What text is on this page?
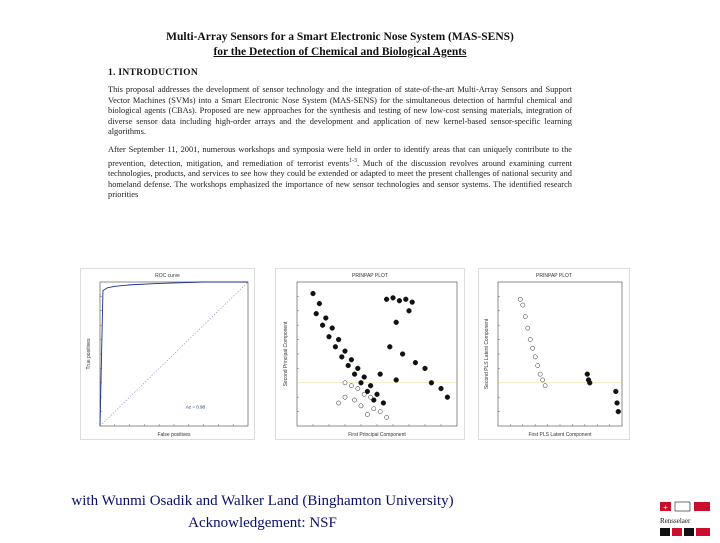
Multi-Array Sensors for a Smart Electronic Nose System (MAS-SENS)
for the Detection of Chemical and Biological Agents
1. INTRODUCTION
This proposal addresses the development of sensor technology and the integration of state-of-the-art Multi-Array Sensors and Support Vector Machines (SVMs) into a Smart Electronic Nose System (MAS-SENS) for the simultaneous detection of harmful chemical and biological agents (CBAs). Proposed are new approaches for the synthesis and testing of new low-cost sensing materials, integration of diverse sensor data including high-order arrays and the development and application of new kernel-based sensor-specific learning algorithms.
After September 11, 2001, numerous workshops and symposia were held in order to identify areas that can uniquely contribute to the prevention, detection, mitigation, and remediation of terrorist events$^{1-3}$. Much of the discussion revolves around examining current technologies, products, and services to see how they could be extended or adapted to meet the present challenges of national security and homeland defense. The workshops emphasized the importance of new sensor technologies and sensor systems. The identified research priorities
ROC curve
False positives
True positives
Az = 0.98
PRINPAP PLOT
First Principal Component
Second Principal Component
PRINPAP PLOT
First PLS Latent Component
Second PLS Latent Component
with Wunmi Osadik and Walker Land (Binghamton University)
Acknowledgement: NSF
+
Rensselaer
